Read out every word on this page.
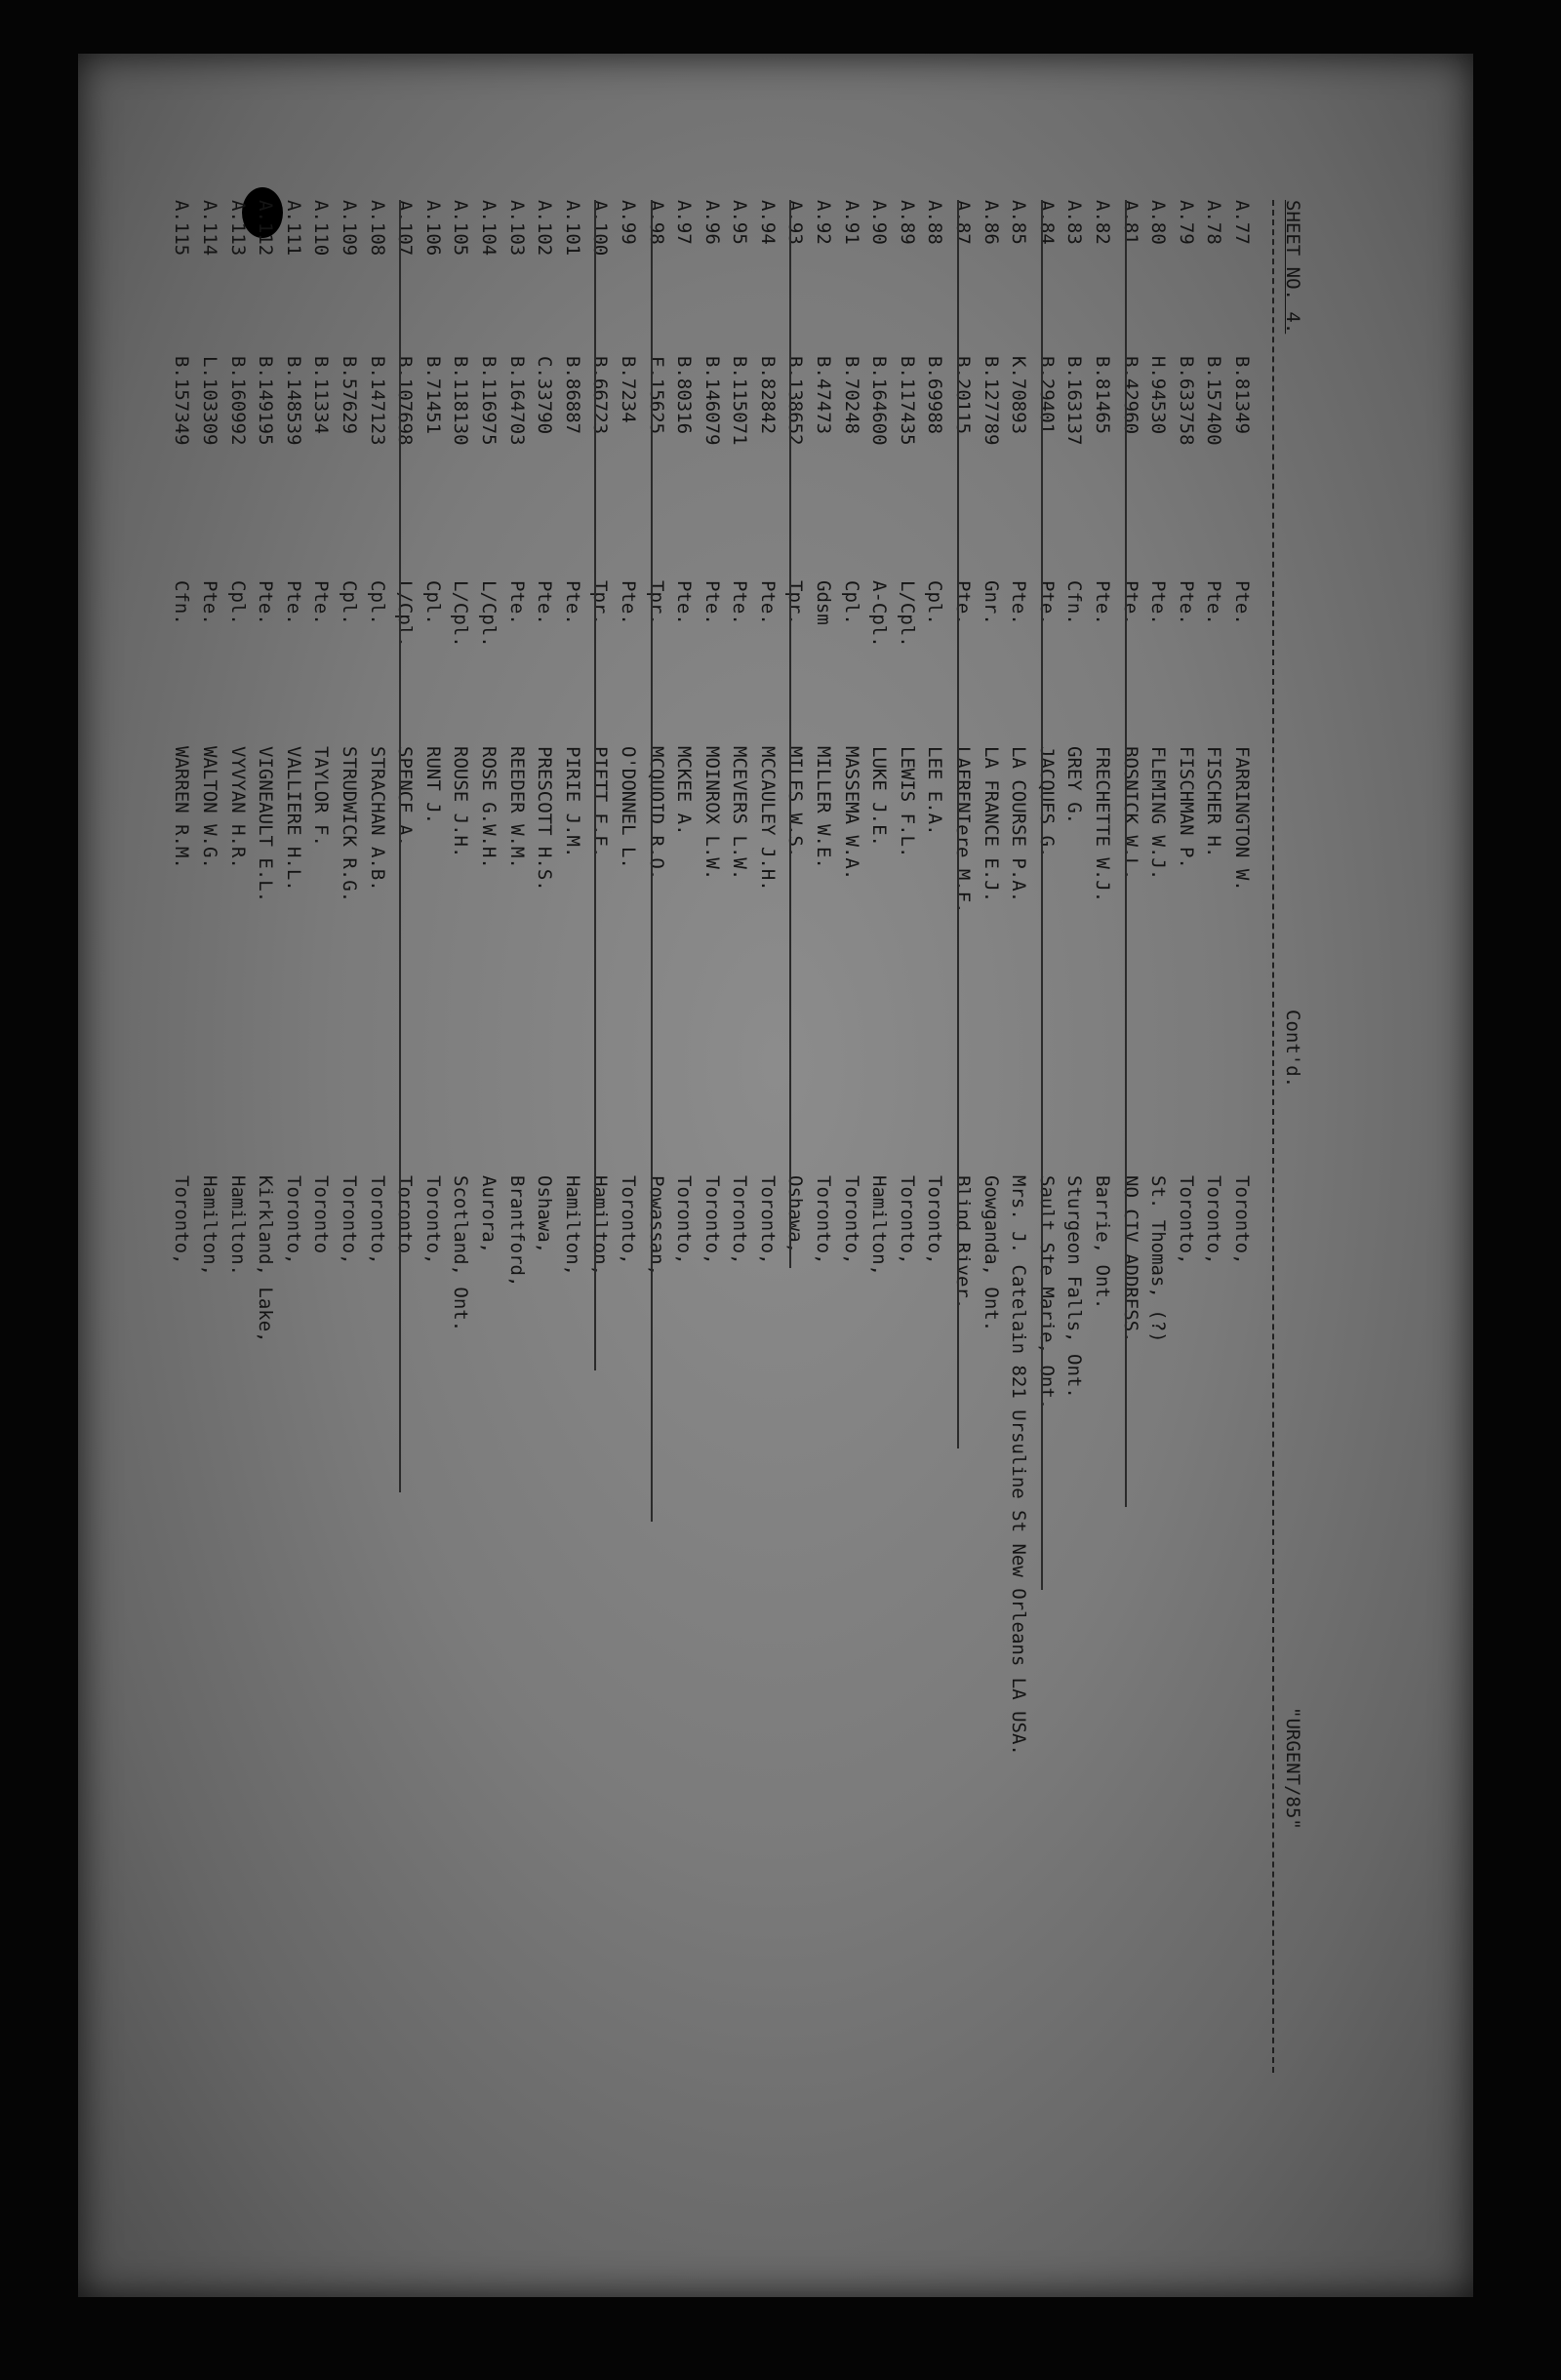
SHEET NO. 4.
Cont'd.
"URGENT/85"
A.77
B.81349
Pte.
FARRINGTON W.
Toronto,
A.78
B.157400
Pte.
FISCHER H.
Toronto,
A.79
B.633758
Pte.
FISCHMAN P.
Toronto,
A.80
H.94530
Pte.
FLEMING W.J.
St. Thomas, (?)
A.81
B.42960
Pte.
BOSNICK W.L.
NO CIV ADDRESS.
A.82
B.81465
Pte.
FRECHETTE W.J.
Barrie, Ont.
A.83
B.163137
Cfn.
GREY G.
Sturgeon Falls, Ont.
A.84
B.29401
Pte.
JACQUES G.
Sault Ste Marie, Ont.
A.85
K.70893
Pte.
LA COURSE P.A.
Mrs. J. Catelain 821 Ursuline St New Orleans LA USA.
A.86
B.127789
Gnr.
LA FRANCE E.J.
Gowganda, Ont.
A.87
B.20115
Pte.
LAFRENIere M.F.
Blind River.
A.88
B.69988
Cpl.
LEE E.A.
Toronto,
A.89
B.117435
L/Cpl.
LEWIS F.L.
Toronto,
A.90
B.164600
A-Cpl.
LUKE J.E.
Hamilton,
A.91
B.70248
Cpl.
MASSEMA W.A.
Toronto,
A.92
B.47473
Gdsm
MILLER W.E.
Toronto,
A.93
B.138652
Tpr.
MILES W.S.
Oshawa,
A.94
B.82842
Pte.
MCCAULEY J.H.
Toronto,
A.95
B.115071
Pte.
MCEVERS L.W.
Toronto,
A.96
B.146079
Pte.
MOINROX L.W.
Toronto,
A.97
B.80316
Pte.
MCKEE A.
Toronto,
A.98
F.15625
Tpr.
MCQUOID R.O.
Powassan,
A.99
B.7234
Pte.
O'DONNEL L.
Toronto,
A.100
B.66723
Tpr.
PIETT E.E.
Hamilton,
A.101
B.86887
Pte.
PIRIE J.M.
Hamilton,
A.102
C.33790
Pte.
PRESCOTT H.S.
Oshawa,
A.103
B.164703
Pte.
REEDER W.M.
Brantford,
A.104
B.116975
L/Cpl.
ROSE G.W.H.
Aurora,
A.105
B.118130
L/Cpl.
ROUSE J.H.
Scotland, Ont.
A.106
B.71451
Cpl.
RUNT J.
Toronto,
A.107
B.107698
L/Cpl.
SPENCE A.
Toronto
A.108
B.147123
Cpl.
STRACHAN A.B.
Toronto,
A.109
B.57629
Cpl.
STRUDWICK R.G.
Toronto,
A.110
B.11334
Pte.
TAYLOR F.
Toronto
A.111
B.148539
Pte.
VALLIERE H.L.
Toronto,
A.112
B.149195
Pte.
VIGNEAULT E.L.
Kirkland, Lake,
A.113
B.160992
Cpl.
VYVYAN H.R.
Hamilton.
A.114
L.103309
Pte.
WALTON W.G.
Hamilton,
A.115
B.157349
Cfn.
WARREN R.M.
Toronto,
